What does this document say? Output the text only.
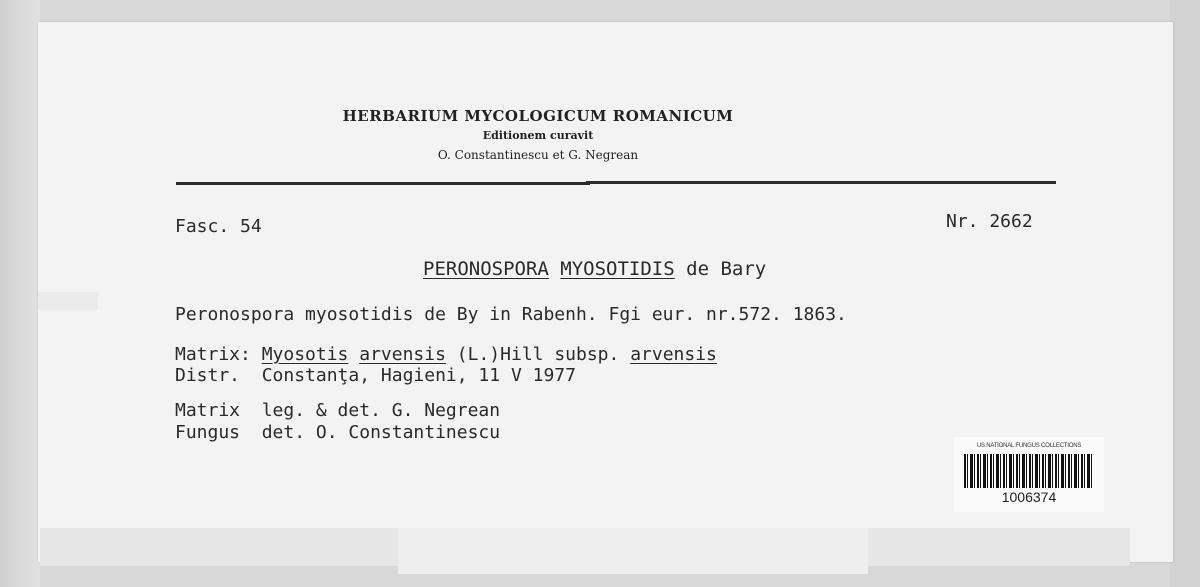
HERBARIUM MYCOLOGICUM ROMANICUM
Editionem curavit
O. Constantinescu et G. Negrean
Fasc. 54	Nr. 2662
PERONOSPORA MYOSOTIDIS de Bary
Peronospora myosotidis de By in Rabenh. Fgi eur. nr.572. 1863.
Matrix: Myosotis arvensis (L.)Hill subsp. arvensis
Distr.  Constanţa, Hagieni, 11 V 1977
Matrix  leg. & det. G. Negrean
Fungus  det. O. Constantinescu
US NATIONAL FUNGUS COLLECTIONS
1006374
